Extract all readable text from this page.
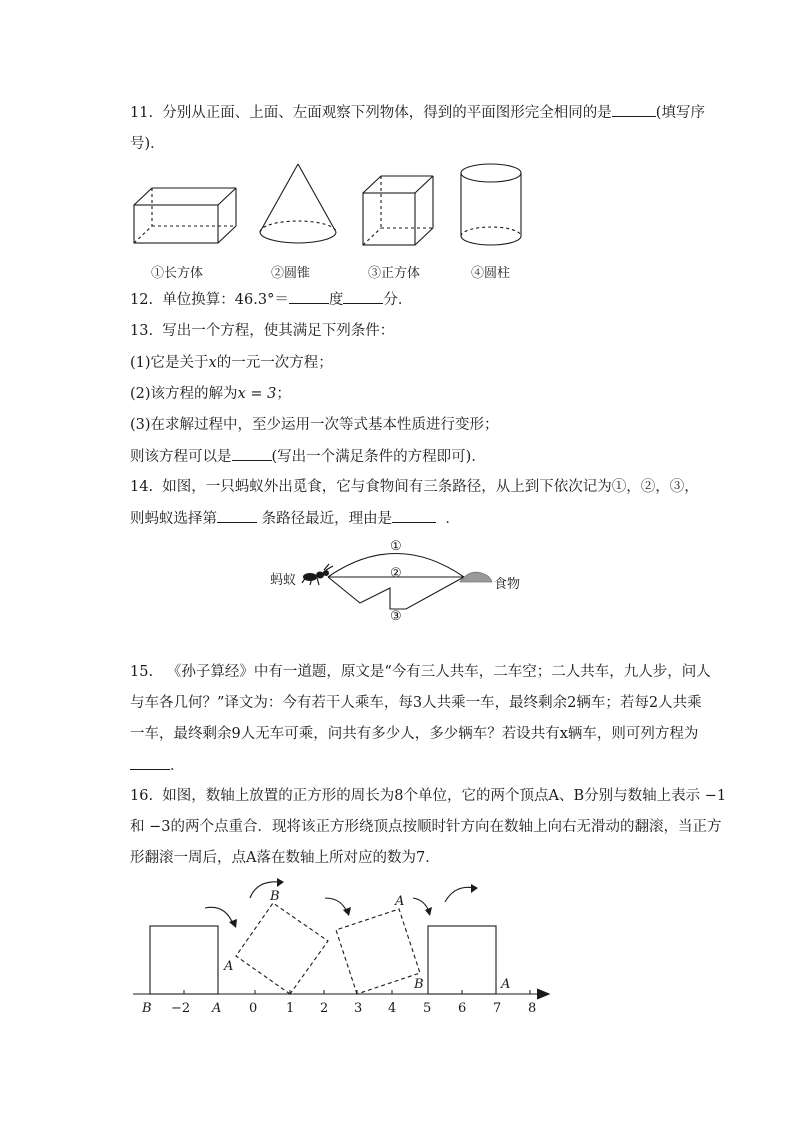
11. 分别从正面、上面、左面观察下列物体，得到的平面图形完全相同的是	(填写序
号)．
①长方体	②圆锥	③正方体	④圆柱
12. 单位换算：46.3°＝	度	分．
13. 写出一个方程，使其满足下列条件：
(1)它是关于x的一元一次方程；
(2)该方程的解为x = 3；
(3)在求解过程中，至少运用一次等式基本性质进行变形；
则该方程可以是	(写出一个满足条件的方程即可)．
14. 如图，一只蚂蚁外出觅食，它与食物间有三条路径，从上到下依次记为①，②，③，
则蚂蚁选择第	条路径最近，理由是	．
蚂蚁	食物
①
②
③
15. 《孙子算经》中有一道题，原文是“今有三人共车，二车空；二人共车，九人步，问人
与车各几何？”译文为：今有若干人乘车，每3人共乘一车，最终剩余2辆车；若每2人共乘
一车，最终剩余9人无车可乘，问共有多少人，多少辆车？若设共有x辆车，则可列方程为
．
16. 如图，数轴上放置的正方形的周长为8个单位，它的两个顶点A、B分别与数轴上表示 −1
和 −3的两个点重合．现将该正方形绕顶点按顺时针方向在数轴上向右无滑动的翻滚，当正方
形翻滚一周后，点A落在数轴上所对应的数为7．
B −2 A 0 1 2 3 4 5 6 7 8
A
B	A
B	A
